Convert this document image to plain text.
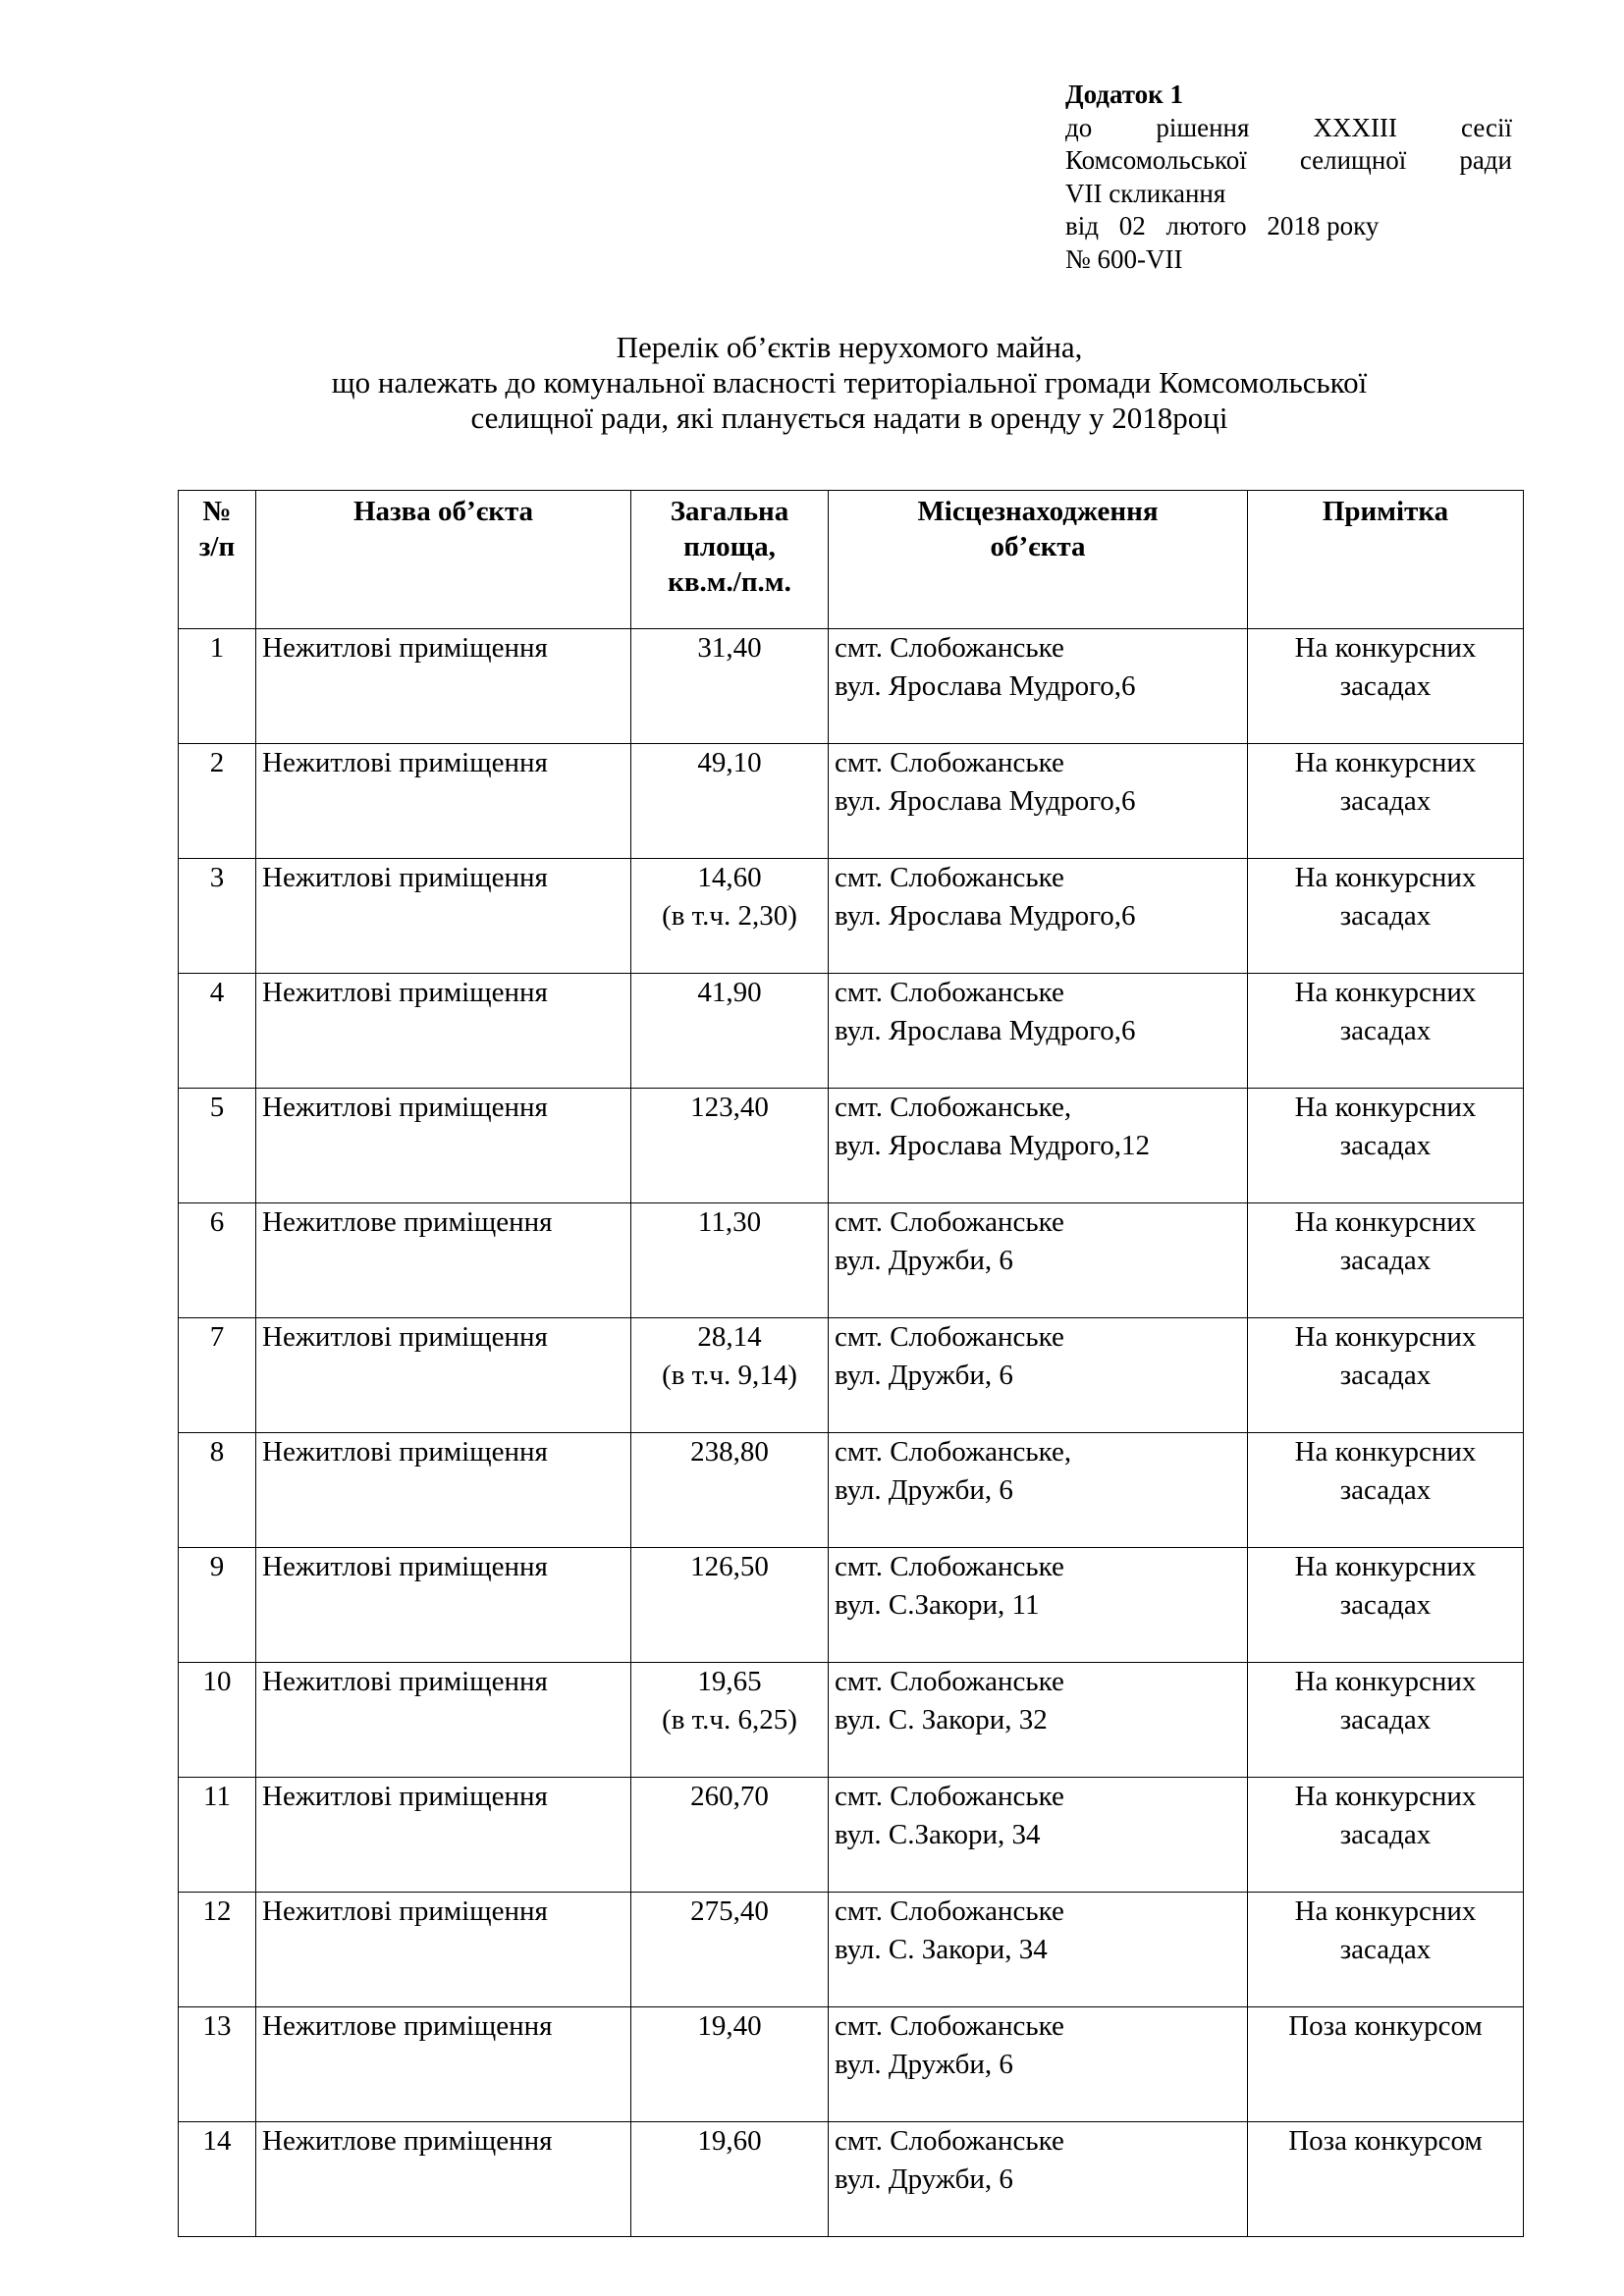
Додаток 1
до рішення XXXIII сесії
Комсомольської селищної ради
VII скликання
від 02 лютого 2018 року
№ 600-VII
Перелік об’єктів нерухомого майна,
що належать до комунальної власності територіальної громади Комсомольської
селищної ради, які планується надати в оренду у 2018році
№
з/п	Назва об’єкта	Загальна
площа,
кв.м./п.м.	Місцезнаходження
об’єкта	Примітка

1	Нежитлові приміщення	31,40	смт. Слобожанське
вул. Ярослава Мудрого,6	На конкурсних
засадах

2	Нежитлові приміщення	49,10	смт. Слобожанське
вул. Ярослава Мудрого,6	На конкурсних
засадах

3	Нежитлові приміщення	14,60
(в т.ч. 2,30)	смт. Слобожанське
вул. Ярослава Мудрого,6	На конкурсних
засадах

4	Нежитлові приміщення	41,90	смт. Слобожанське
вул. Ярослава Мудрого,6	На конкурсних
засадах

5	Нежитлові приміщення	123,40	смт. Слобожанське,
вул. Ярослава Мудрого,12	На конкурсних
засадах

6	Нежитлове приміщення	11,30	смт. Слобожанське
вул. Дружби, 6	На конкурсних
засадах

7	Нежитлові приміщення	28,14
(в т.ч. 9,14)	смт. Слобожанське
вул. Дружби, 6	На конкурсних
засадах

8	Нежитлові приміщення	238,80	смт. Слобожанське,
вул. Дружби, 6	На конкурсних
засадах

9	Нежитлові приміщення	126,50	смт. Слобожанське
вул. С.Закори, 11	На конкурсних
засадах

10	Нежитлові приміщення	19,65
(в т.ч. 6,25)	смт. Слобожанське
вул. С. Закори, 32	На конкурсних
засадах

11	Нежитлові приміщення	260,70	смт. Слобожанське
вул. С.Закори, 34	На конкурсних
засадах

12	Нежитлові приміщення	275,40	смт. Слобожанське
вул. С. Закори, 34	На конкурсних
засадах

13	Нежитлове приміщення	19,40	смт. Слобожанське
вул. Дружби, 6	Поза конкурсом

14	Нежитлове приміщення	19,60	смт. Слобожанське
вул. Дружби, 6	Поза конкурсом
